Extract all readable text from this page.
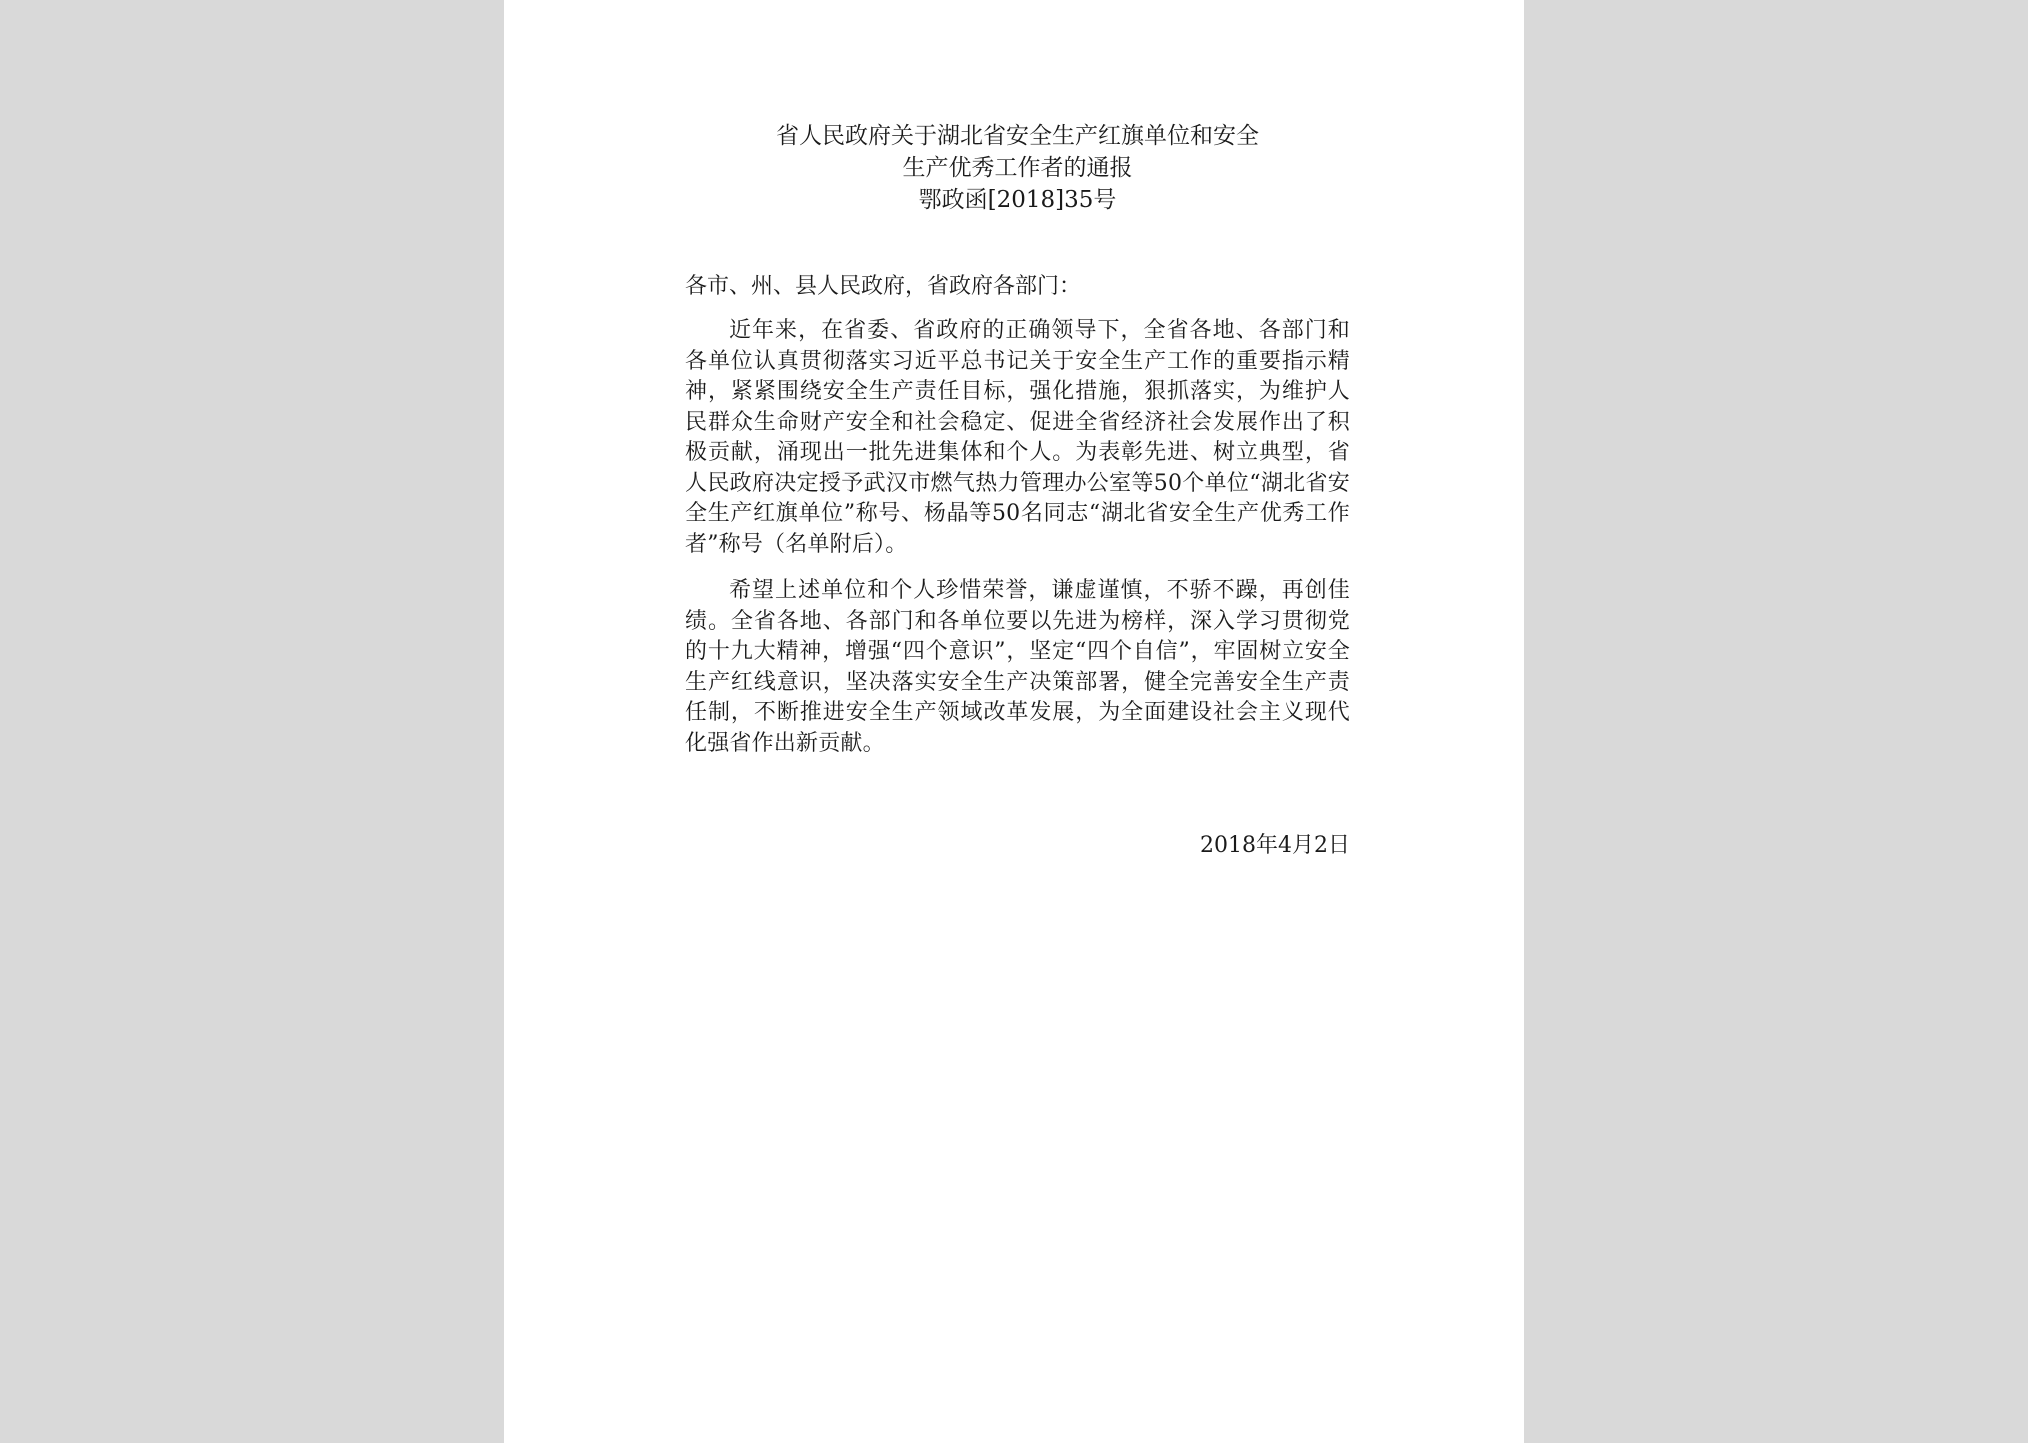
省人民政府关于湖北省安全生产红旗单位和安全
生产优秀工作者的通报
鄂政函[2018]35号
各市、州、县人民政府，省政府各部门：
近年来，在省委、省政府的正确领导下，全省各地、各部门和各单位认真贯彻落实习近平总书记关于安全生产工作的重要指示精神，紧紧围绕安全生产责任目标，强化措施，狠抓落实，为维护人民群众生命财产安全和社会稳定、促进全省经济社会发展作出了积极贡献，涌现出一批先进集体和个人。为表彰先进、树立典型，省人民政府决定授予武汉市燃气热力管理办公室等50个单位“湖北省安全生产红旗单位”称号、杨晶等50名同志“湖北省安全生产优秀工作者”称号（名单附后）。
希望上述单位和个人珍惜荣誉，谦虚谨慎，不骄不躁，再创佳绩。全省各地、各部门和各单位要以先进为榜样，深入学习贯彻党的十九大精神，增强“四个意识”，坚定“四个自信”，牢固树立安全生产红线意识，坚决落实安全生产决策部署，健全完善安全生产责任制，不断推进安全生产领域改革发展，为全面建设社会主义现代化强省作出新贡献。
2018年4月2日
